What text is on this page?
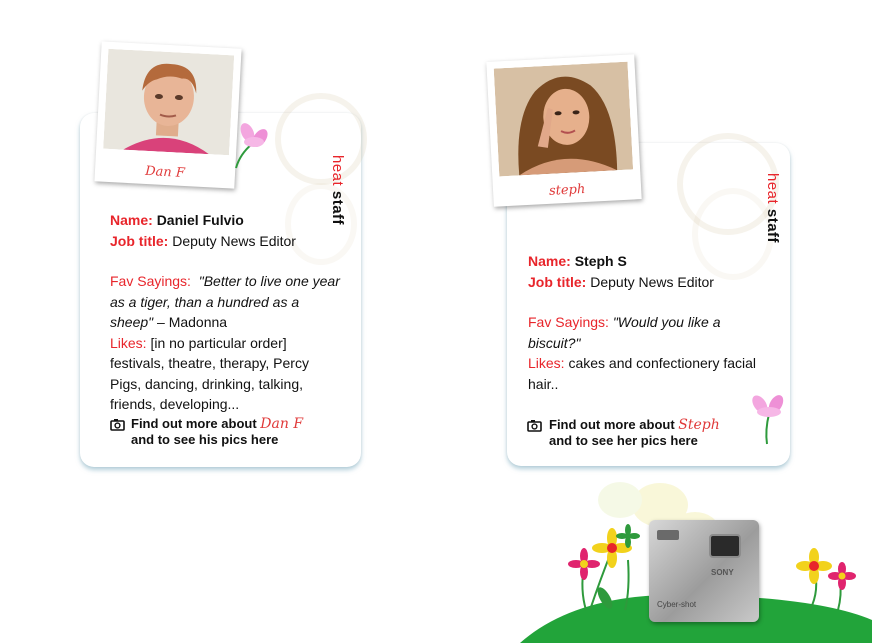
Dan F
steph
heat staff
heat staff
Name: Daniel Fulvio
Job title: Deputy News Editor
Fav Sayings: "Better to live one year as a tiger, than a hundred as a sheep" – Madonna
Likes: [in no particular order] festivals, theatre, therapy, Percy Pigs, dancing, drinking, talking, friends, developing...
Name: Steph S
Job title: Deputy News Editor
Fav Sayings: "Would you like a biscuit?"
Likes: cakes and confectionery facial hair..
Find out more about Dan F
and to see his pics here
Find out more about Steph
and to see her pics here
SONY
Cyber-shot
